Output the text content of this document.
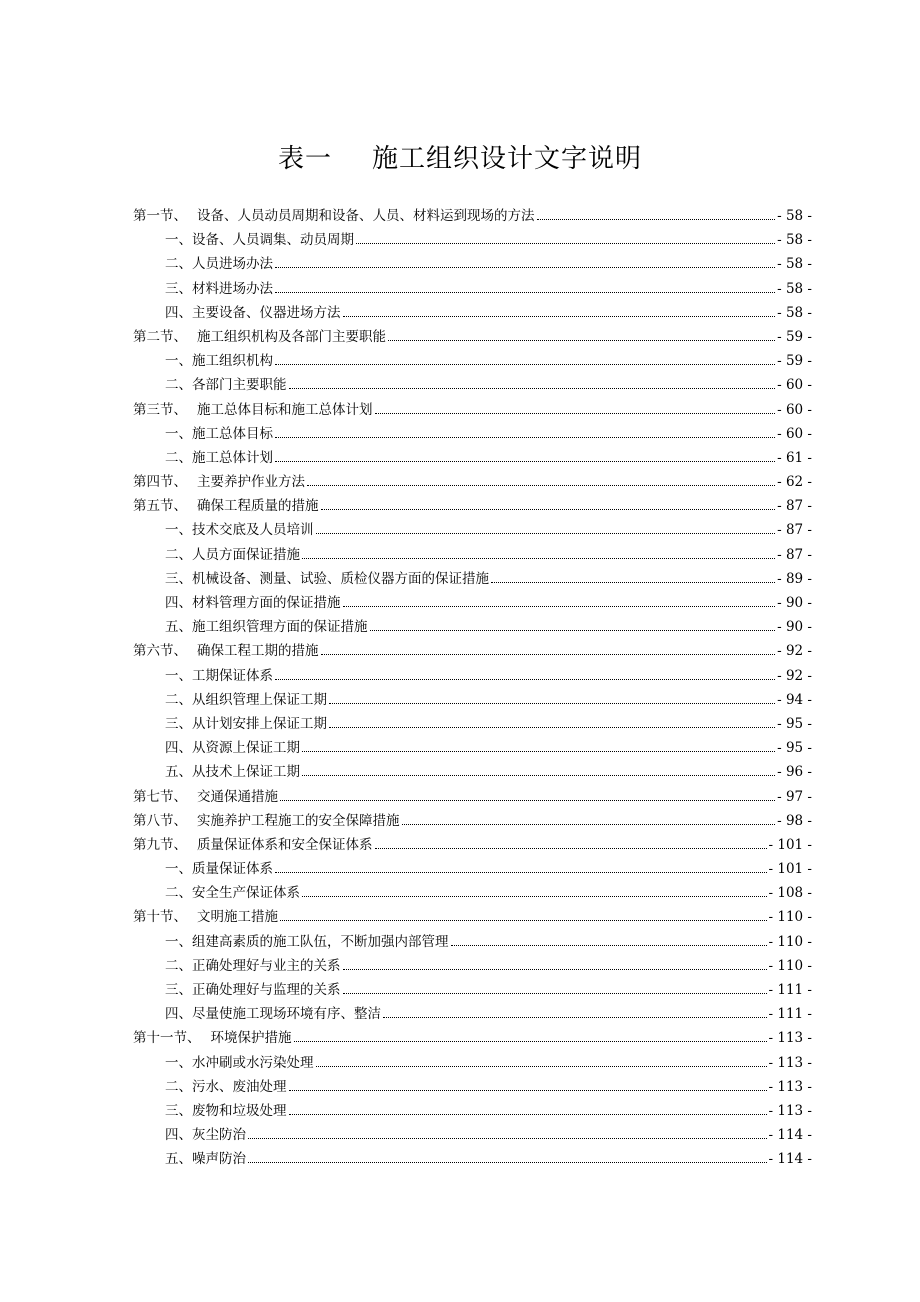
表一 施工组织设计文字说明
第一节、 设备、人员动员周期和设备、人员、材料运到现场的方法	- 58 -
一、设备、人员调集、动员周期	- 58 -
二、人员进场办法	- 58 -
三、材料进场办法	- 58 -
四、主要设备、仪器进场方法	- 58 -
第二节、 施工组织机构及各部门主要职能	- 59 -
一、施工组织机构	- 59 -
二、各部门主要职能	- 60 -
第三节、 施工总体目标和施工总体计划	- 60 -
一、施工总体目标	- 60 -
二、施工总体计划	- 61 -
第四节、 主要养护作业方法	- 62 -
第五节、 确保工程质量的措施	- 87 -
一、技术交底及人员培训	- 87 -
二、人员方面保证措施	- 87 -
三、机械设备、测量、试验、质检仪器方面的保证措施	- 89 -
四、材料管理方面的保证措施	- 90 -
五、施工组织管理方面的保证措施	- 90 -
第六节、 确保工程工期的措施	- 92 -
一、工期保证体系	- 92 -
二、从组织管理上保证工期	- 94 -
三、从计划安排上保证工期	- 95 -
四、从资源上保证工期	- 95 -
五、从技术上保证工期	- 96 -
第七节、 交通保通措施	- 97 -
第八节、 实施养护工程施工的安全保障措施	- 98 -
第九节、 质量保证体系和安全保证体系	- 101 -
一、质量保证体系	- 101 -
二、安全生产保证体系	- 108 -
第十节、 文明施工措施	- 110 -
一、组建高素质的施工队伍，不断加强内部管理	- 110 -
二、正确处理好与业主的关系	- 110 -
三、正确处理好与监理的关系	- 111 -
四、尽量使施工现场环境有序、整洁	- 111 -
第十一节、 环境保护措施	- 113 -
一、水冲刷或水污染处理	- 113 -
二、污水、废油处理	- 113 -
三、废物和垃圾处理	- 113 -
四、灰尘防治	- 114 -
五、噪声防治	- 114 -
